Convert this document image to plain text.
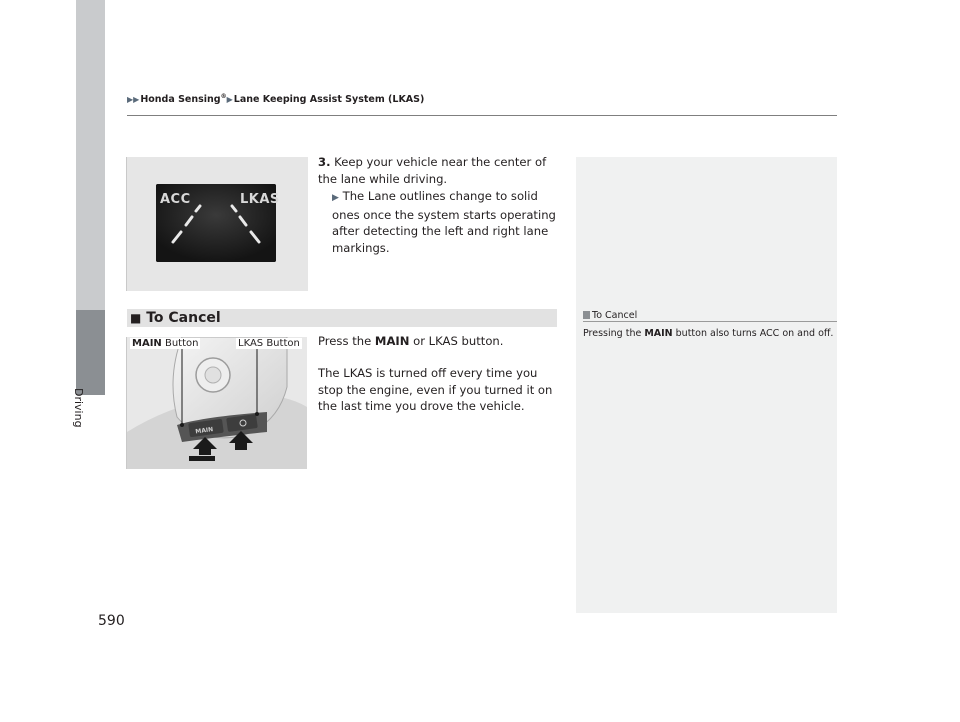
Driving
▶▶Honda Sensing®▶Lane Keeping Assist System (LKAS)
ACC	LKAS
3. Keep your vehicle near the center of the lane while driving.
▶ The Lane outlines change to solid ones once the system starts operating after detecting the left and right lane markings.
■ To Cancel	To Cancel
Pressing the MAIN button also turns ACC on and off.
Press the MAIN or LKAS button.
The LKAS is turned off every time you stop the engine, even if you turned it on the last time you drove the vehicle.
MAIN
MAIN Button	LKAS Button
590
